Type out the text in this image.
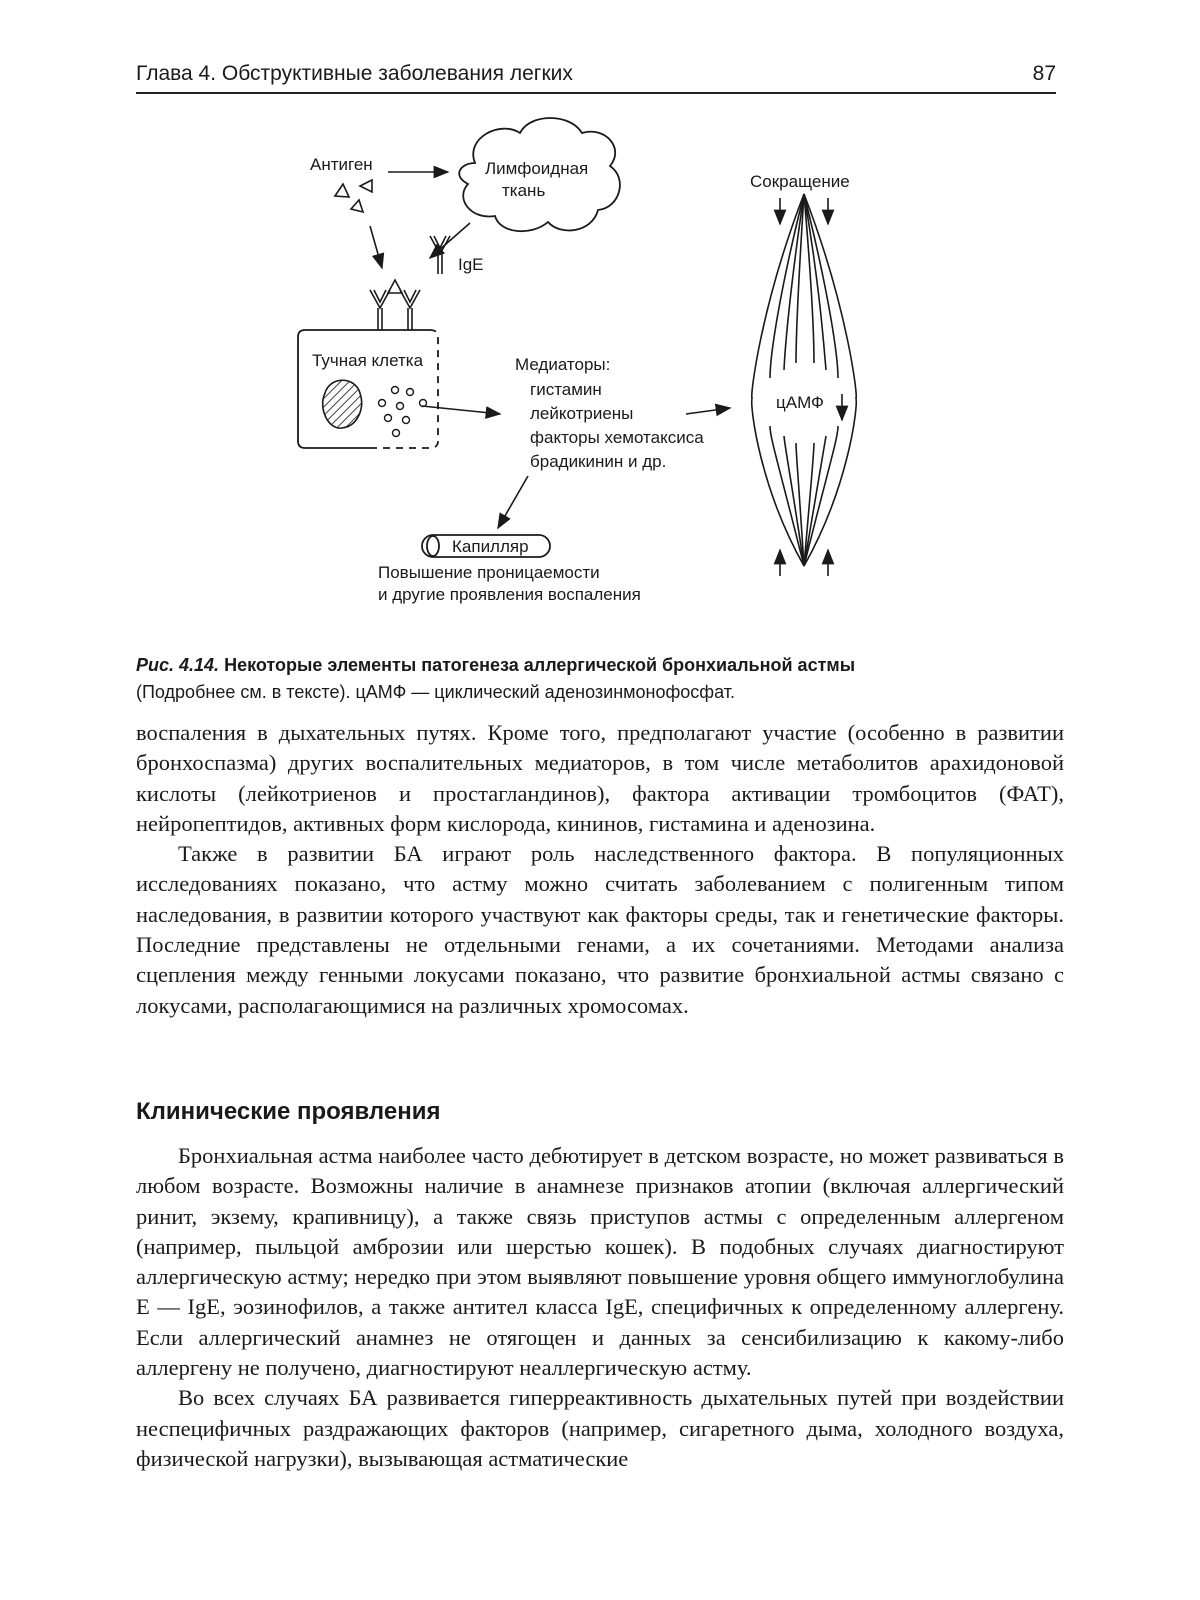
Глава 4. Обструктивные заболевания легких	87
Антиген	Лимфоидная
ткань
IgE
Тучная клетка	Медиаторы:
гистамин
лейкотриены
факторы хемотаксиса
брадикинин и др.
Капилляр
Повышение проницаемости
и другие проявления воспаления
Сокращение
цАМФ
Рис. 4.14. Некоторые элементы патогенеза аллергической бронхиальной астмы
(Подробнее см. в тексте). цАМФ — циклический аденозинмонофосфат.

воспаления в дыхательных путях. Кроме того, предполагают участие (особенно в развитии бронхоспазма) других воспалительных медиаторов, в том числе метаболитов арахидоновой кислоты (лейкотриенов и простагландинов), фактора активации тромбоцитов (ФАТ), нейропептидов, активных форм кислорода, кининов, гистамина и аденозина.

Также в развитии БА играют роль наследственного фактора. В популяционных исследованиях показано, что астму можно считать заболеванием с полигенным типом наследования, в развитии которого участвуют как факторы среды, так и генетические факторы. Последние представлены не отдельными генами, а их сочетаниями. Методами анализа сцепления между генными локусами показано, что развитие бронхиальной астмы связано с локусами, располагающимися на различных хромосомах.

Клинические проявления

Бронхиальная астма наиболее часто дебютирует в детском возрасте, но может развиваться в любом возрасте. Возможны наличие в анамнезе признаков атопии (включая аллергический ринит, экзему, крапивницу), а также связь приступов астмы с определенным аллергеном (например, пыльцой амброзии или шерстью кошек). В подобных случаях диагностируют аллергическую астму; нередко при этом выявляют повышение уровня общего иммуноглобулина E — IgE, эозинофилов, а также антител класса IgE, специфичных к определенному аллергену. Если аллергический анамнез не отягощен и данных за сенсибилизацию к какому-либо аллергену не получено, диагностируют неаллергическую астму.

Во всех случаях БА развивается гиперреактивность дыхательных путей при воздействии неспецифичных раздражающих факторов (например, сигаретного дыма, холодного воздуха, физической нагрузки), вызывающая астматические
